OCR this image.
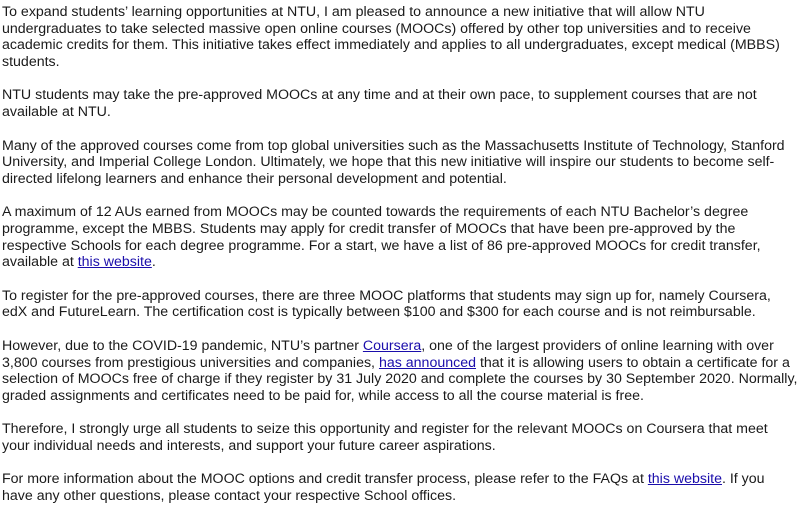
To expand students’ learning opportunities at NTU, I am pleased to announce a new initiative that will allow NTU undergraduates to take selected massive open online courses (MOOCs) offered by other top universities and to receive academic credits for them. This initiative takes effect immediately and applies to all undergraduates, except medical (MBBS) students.

NTU students may take the pre-approved MOOCs at any time and at their own pace, to supplement courses that are not available at NTU.

Many of the approved courses come from top global universities such as the Massachusetts Institute of Technology, Stanford University, and Imperial College London. Ultimately, we hope that this new initiative will inspire our students to become self-directed lifelong learners and enhance their personal development and potential.

A maximum of 12 AUs earned from MOOCs may be counted towards the requirements of each NTU Bachelor’s degree programme, except the MBBS. Students may apply for credit transfer of MOOCs that have been pre-approved by the respective Schools for each degree programme. For a start, we have a list of 86 pre-approved MOOCs for credit transfer, available at this website.

To register for the pre-approved courses, there are three MOOC platforms that students may sign up for, namely Coursera, edX and FutureLearn. The certification cost is typically between $100 and $300 for each course and is not reimbursable.

However, due to the COVID-19 pandemic, NTU’s partner Coursera, one of the largest providers of online learning with over 3,800 courses from prestigious universities and companies, has announced that it is allowing users to obtain a certificate for a selection of MOOCs free of charge if they register by 31 July 2020 and complete the courses by 30 September 2020. Normally, graded assignments and certificates need to be paid for, while access to all the course material is free.

Therefore, I strongly urge all students to seize this opportunity and register for the relevant MOOCs on Coursera that meet your individual needs and interests, and support your future career aspirations.

For more information about the MOOC options and credit transfer process, please refer to the FAQs at this website. If you have any other questions, please contact your respective School offices.
